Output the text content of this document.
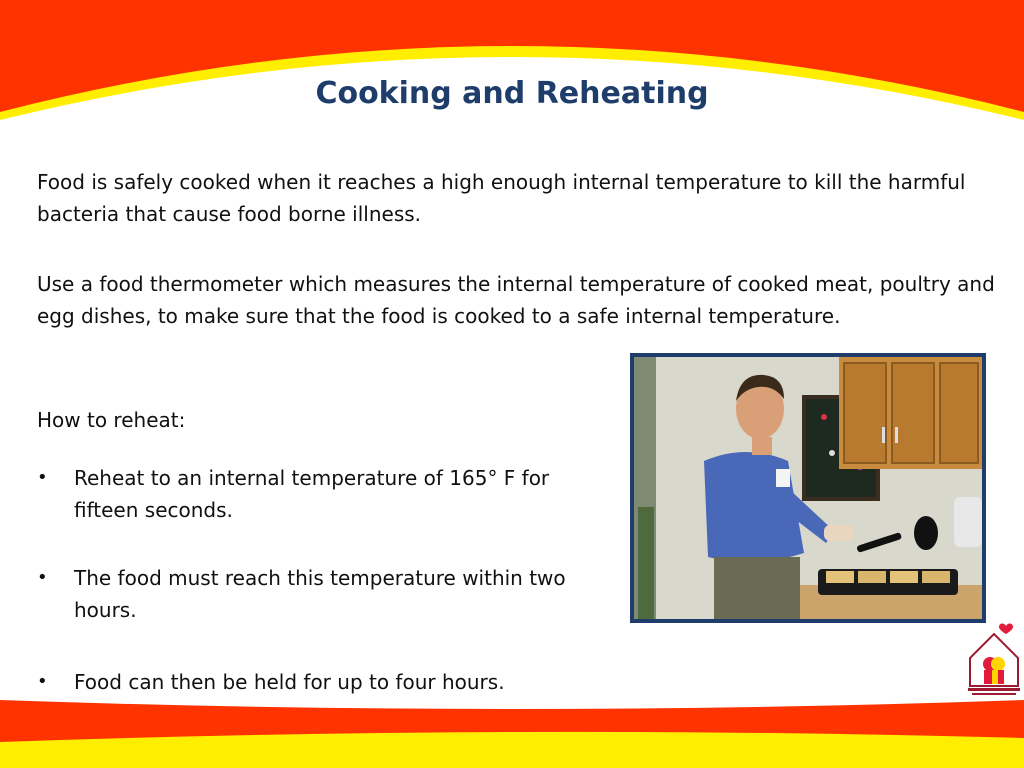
Cooking and Reheating

Food is safely cooked when it reaches a high enough internal temperature to kill the harmful bacteria that cause food borne illness.

Use a food thermometer which measures the internal temperature of cooked meat, poultry and egg dishes, to make sure that the food is cooked to a safe internal temperature.

How to reheat:

• Reheat to an internal temperature of 165° F for fifteen seconds.
• The food must reach this temperature within two hours.
• Food can then be held for up to four hours.
